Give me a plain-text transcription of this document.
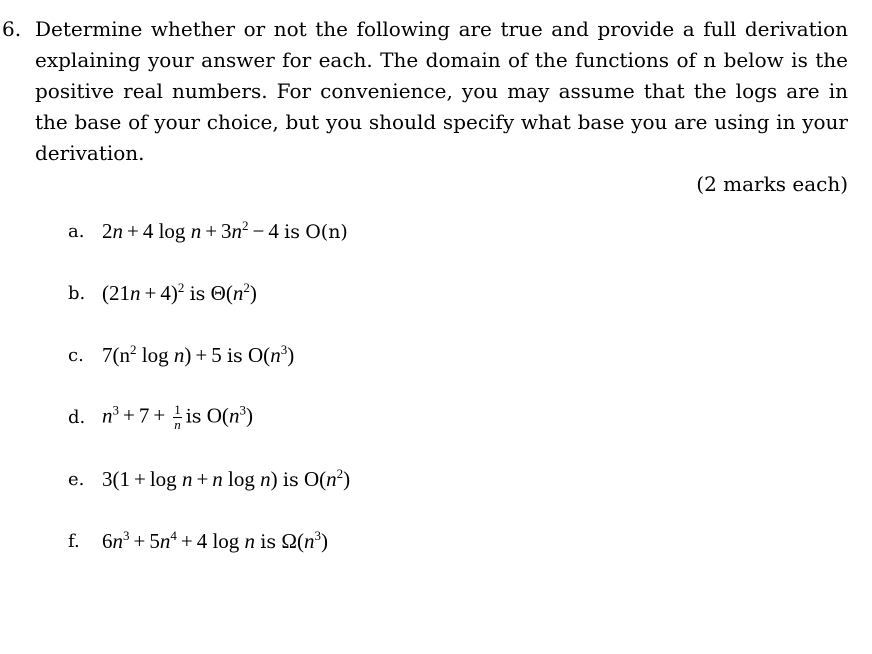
6. Determine whether or not the following are true and provide a full derivation explaining your answer for each. The domain of the functions of n below is the positive real numbers. For convenience, you may assume that the logs are in the base of your choice, but you should specify what base you are using in your derivation.
(2 marks each)
a. 2n + 4 $\log n + 3n^2 - 4$ is O(n)
b. $(21n + 4)^2$ is $\Theta(n^2)$
c. $7(n^2$ log n) + 5 is $O(n^3)$
d. $n^3 + 7 + \frac{1}{n}$ is $O(n^3)$
e. 3(1 + log n + n log n) is $O(n^2)$
f.	$6n^3 + 5n^4 + 4$ log n is $\Omega(n^3)$
